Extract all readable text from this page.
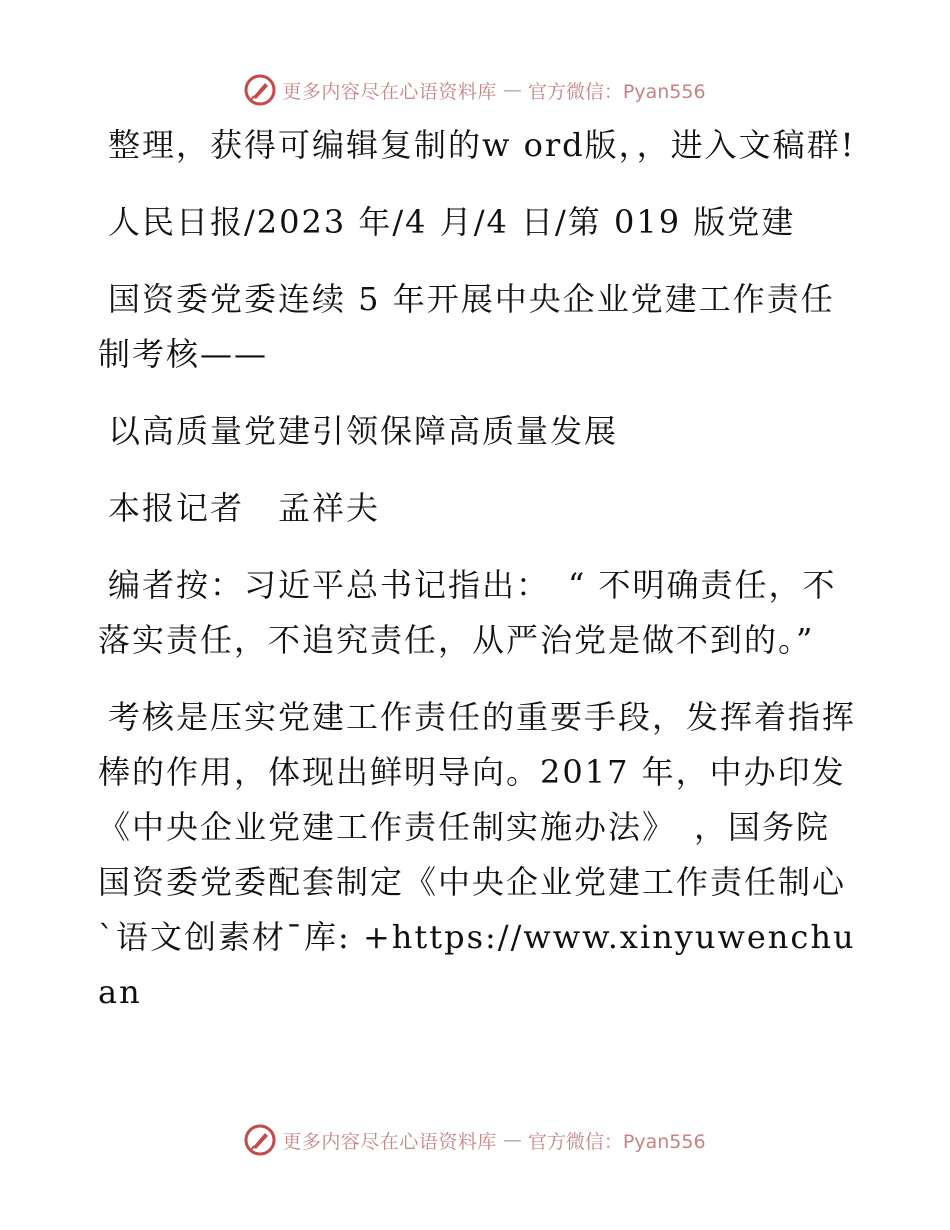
更多内容尽在心语资料库 — 官方微信：Pyan556

整理，获得可编辑复制的w ord版，，进入文稿群!

人民日报/2023 年/4 月/4 日/第 019 版党建

国资委党委连续 5 年开展中央企业党建工作责任制考核——

以高质量党建引领保障高质量发展

本报记者　孟祥夫

编者按：习近平总书记指出：　“ 不明确责任，不落实责任，不追究责任，从严治党是做不到的。”

考核是压实党建工作责任的重要手段，发挥着指挥棒的作用，体现出鲜明导向。2017 年，中办印发《中央企业党建工作责任制实施办法》　，国务院国资委党委配套制定《中央企业党建工作责任制心`语文创素材¯库: +https://www.xinyuwenchuan

更多内容尽在心语资料库 — 官方微信：Pyan556
